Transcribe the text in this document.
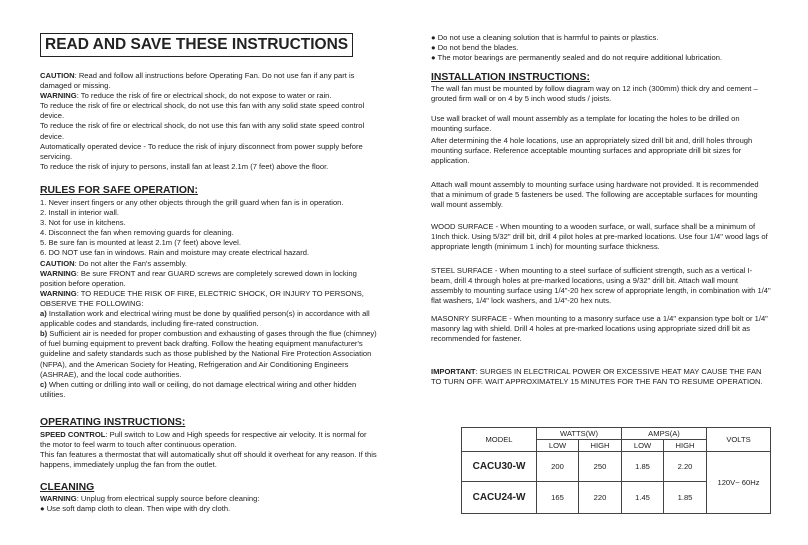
READ AND SAVE THESE INSTRUCTIONS

CAUTION: Read and follow all instructions before Operating Fan. Do not use fan if any part is damaged or missing.

WARNING: To reduce the risk of fire or electrical shock, do not expose to water or rain.

To reduce the risk of fire or electrical shock, do not use this fan with any solid state speed control device.

To reduce the risk of fire or electrical shock, do not use this fan with any solid state speed control device.

Automatically operated device - To reduce the risk of injury disconnect from power supply before servicing.

To reduce the risk of injury to persons, install fan at least 2.1m (7 feet) above the floor.

RULES FOR SAFE OPERATION:

1. Never insert fingers or any other objects through the grill guard when fan is in operation.

2. Install in interior wall.

3. Not for use in kitchens.

4. Disconnect the fan when removing guards for cleaning.

5. Be sure fan is mounted at least 2.1m (7 feet) above level.

6. DO NOT use fan in windows. Rain and moisture may create electrical hazard.

CAUTION: Do not alter the Fan's assembly.

WARNING: Be sure FRONT and rear GUARD screws are completely screwed down in locking position before operation.

WARNING: TO REDUCE THE RISK OF FIRE, ELECTRIC SHOCK, OR INJURY TO PERSONS, OBSERVE THE FOLLOWING:

a) Installation work and electrical wiring must be done by qualified person(s) in accordance with all applicable codes and standards, including fire-rated construction.

b) Sufficient air is needed for proper combustion and exhausting of gases through the flue (chimney) of fuel burning equipment to prevent back drafting. Follow the heating equipment manufacturer's guideline and safety standards such as those published by the National Fire Protection Association (NFPA), and the American Society for Heating, Refrigeration and Air Conditioning Engineers (ASHRAE), and the local code authorities.

c) When cutting or drilling into wall or ceiling, do not damage electrical wiring and other hidden utilities.

OPERATING INSTRUCTIONS:

SPEED CONTROL: Pull switch to Low and High speeds for respective air velocity. It is normal for the motor to feel warm to touch after continuous operation.

This fan features a thermostat that will automatically shut off should it overheat for any reason. If this happens, immediately unplug the fan from the outlet.

CLEANING

WARNING: Unplug from electrical supply source before cleaning:

● Use soft damp cloth to clean. Then wipe with dry cloth.

● Do not use a cleaning solution that is harmful to paints or plastics.

● Do not bend the blades.

● The motor bearings are permanently sealed and do not require additional lubrication.

INSTALLATION INSTRUCTIONS:
The wall fan must be mounted by follow diagram way on 12 inch (300mm) thick dry and cement – grouted firm wall or on 4 by 5 inch wood studs / joists.
Use wall bracket of wall mount assembly as a template for locating the holes to be drilled on mounting surface.
After determining the 4 hole locations, use an appropriately sized drill bit and, drill holes through mounting surface. Reference acceptable mounting surfaces and appropriate drill bit sizes for application.
Attach wall mount assembly to mounting surface using hardware not provided. It is recommended that a minimum of grade 5 fasteners be used. The following are acceptable surfaces for mounting wall mount assembly.
WOOD SURFACE - When mounting to a wooden surface, or wall, surface shall be a minimum of 1Inch thick. Using 5/32" drill bit, drill 4 pilot holes at pre-marked locations. Use four 1/4" wood lags of appropriate length (minimum 1 inch) for mounting surface thickness.
STEEL SURFACE - When mounting to a steel surface of sufficient strength, such as a vertical I-beam, drill 4 through holes at pre-marked locations, using a 9/32" drill bit. Attach wall mount assembly to mounting surface using 1/4"-20 hex screw of appropriate length, in combination with 1/4" flat washers, 1/4" lock washers, and 1/4"-20 hex nuts.
MASONRY SURFACE - When mounting to a masonry surface use a 1/4" expansion type bolt or 1/4" masonry lag with shield. Drill 4 holes at pre-marked locations using appropriate sized drill bit as recommended for fastener.
IMPORTANT: SURGES IN ELECTRICAL POWER OR EXCESSIVE HEAT MAY CAUSE THE FAN TO TURN OFF. WAIT APPROXIMATELY 15 MINUTES FOR THE FAN TO RESUME OPERATION.
MODEL	WATTS(W)		AMPS(A)		VOLTS
	LOW	HIGH	LOW	HIGH	
CACU30-W	200	250	1.85	2.20	120V~ 60Hz
CACU24-W	165	220	1.45	1.85	
